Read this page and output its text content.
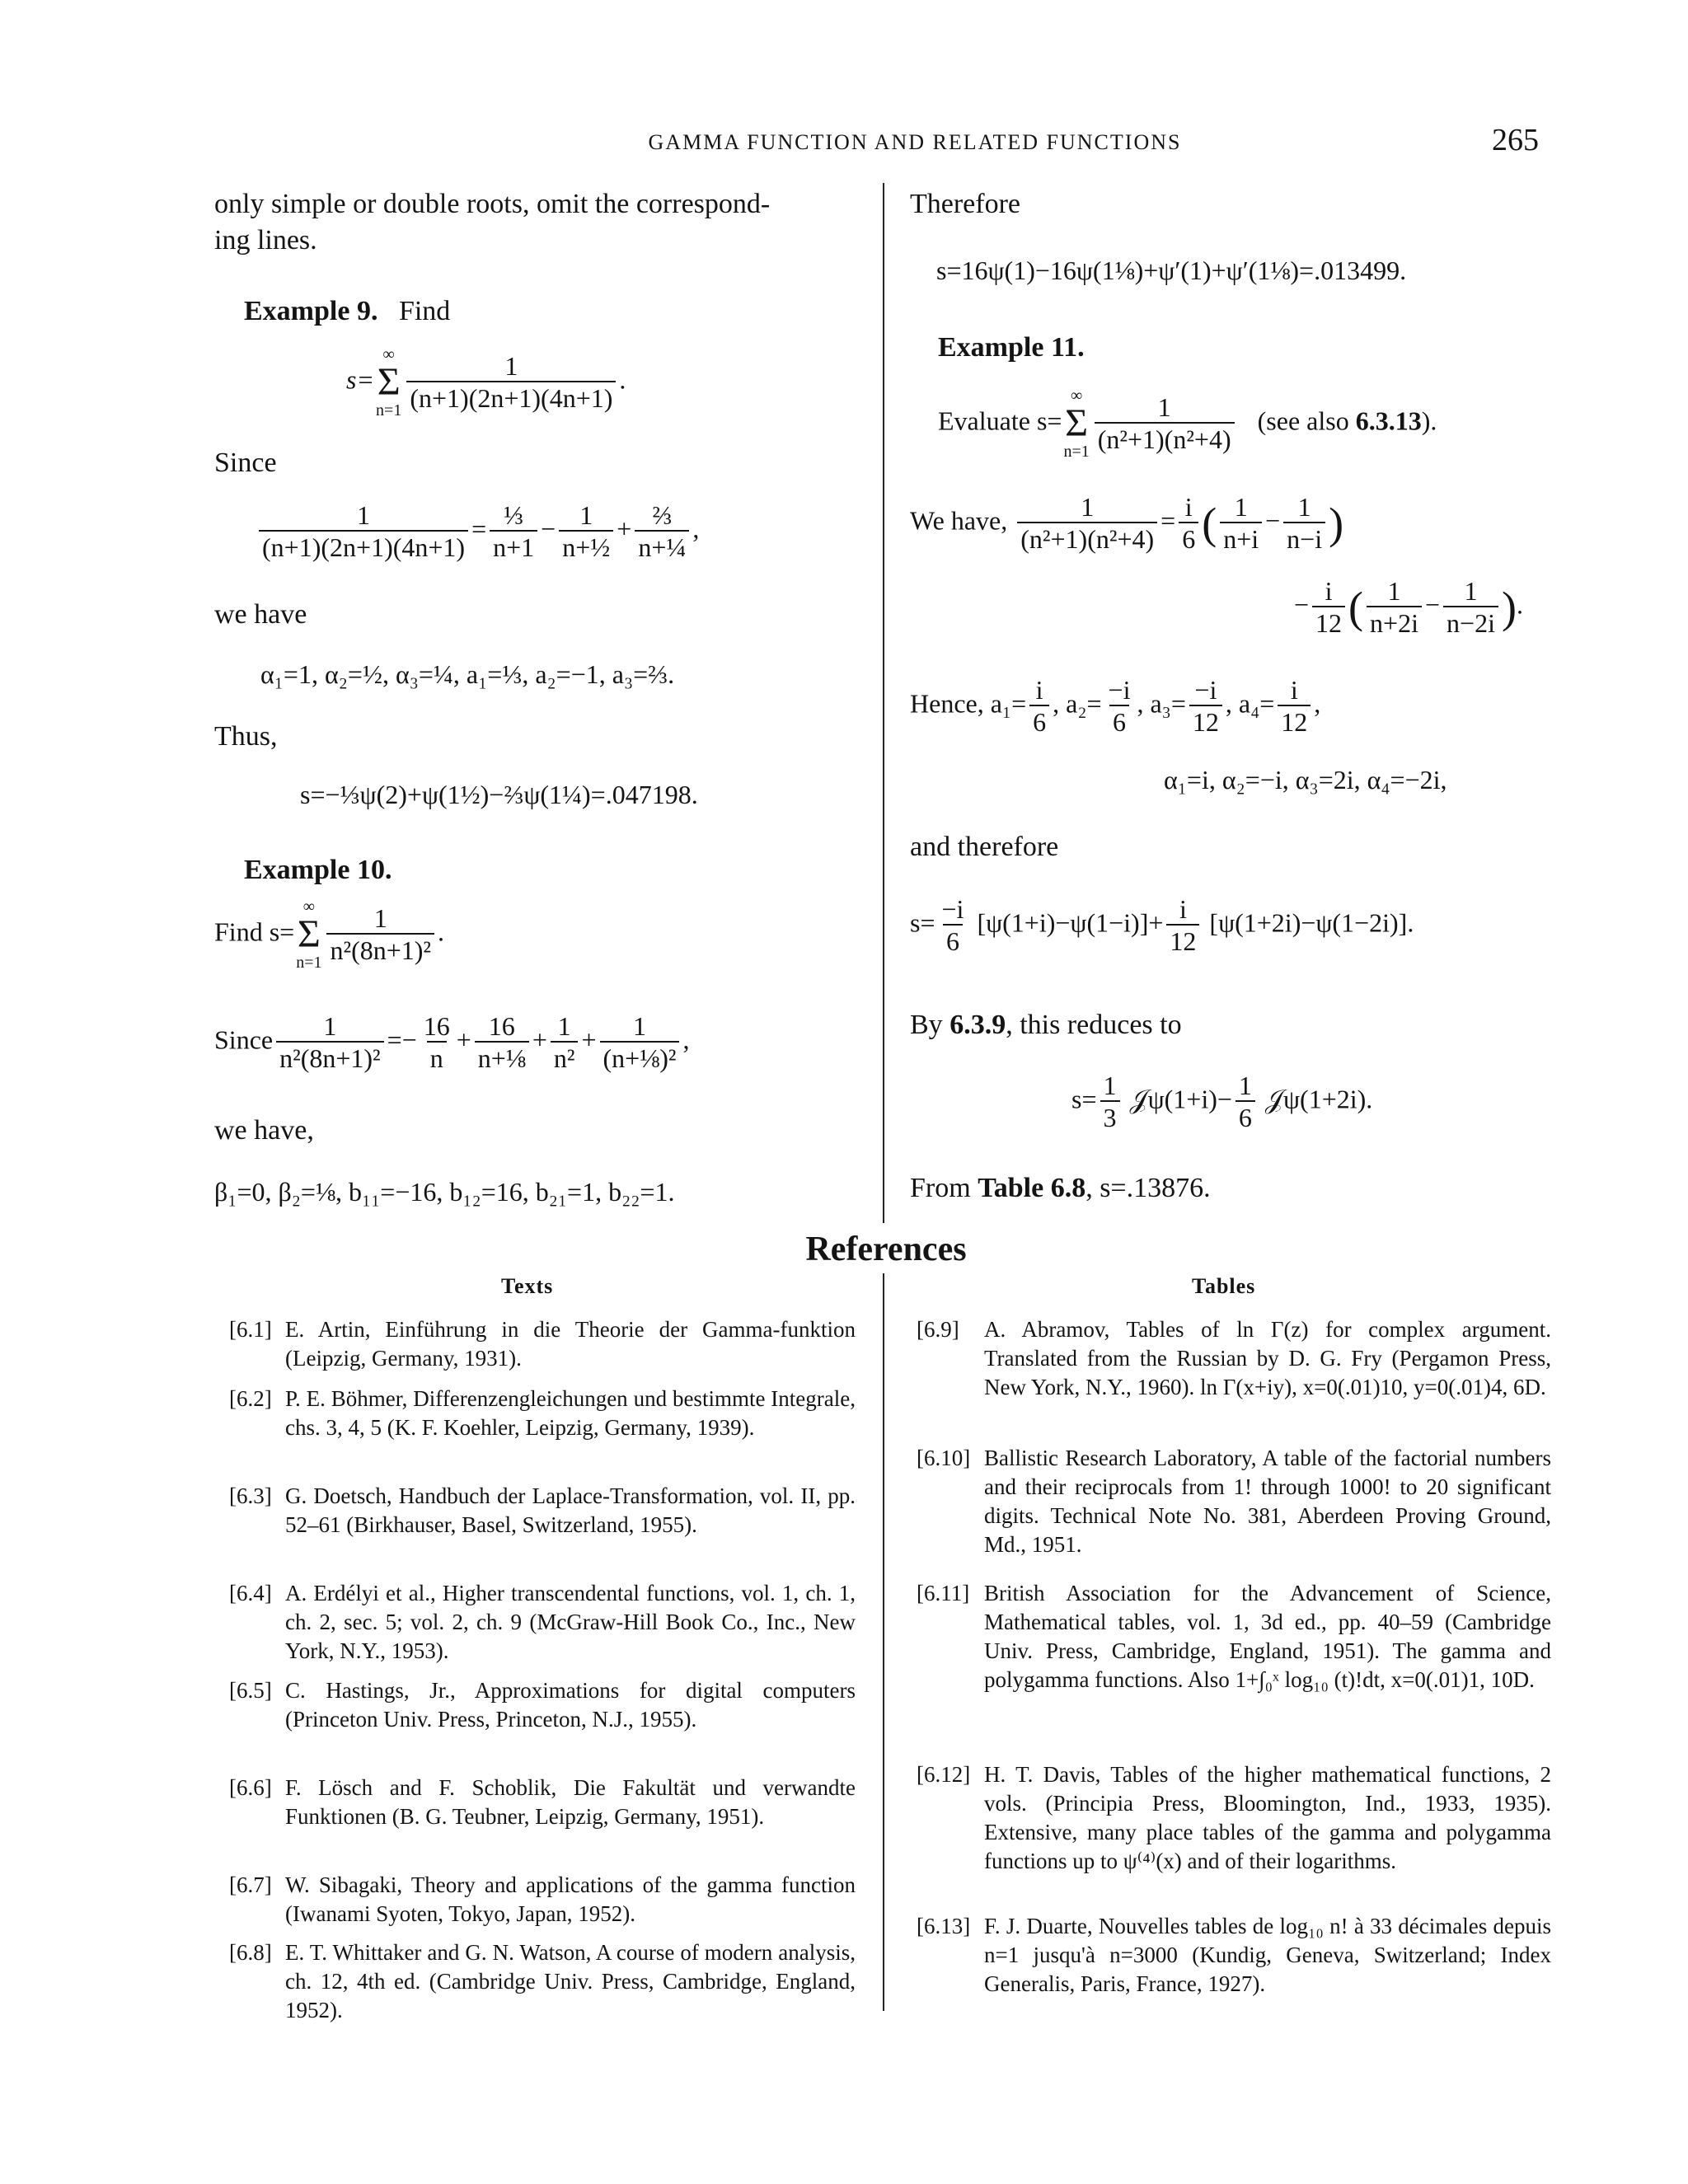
GAMMA FUNCTION AND RELATED FUNCTIONS	265
only simple or double roots, omit the correspond-
ing lines.
Example 9. Find
s=
∞
Σ
$n=1 \frac{1}{(n+1)(2n+1)(4n+1)}$ .
Since
$\frac{1}{(n+1)(2n+1)(4n+1)} = \frac{\text{⅓}}{n+1} - \frac{1}{\text{n+½}} + \frac{\text{⅔}}{\text{n+¼}}$ ,
we have
α₁=1, α₂=½, α₃=¼, a₁=⅓, a₂=−1, a₃=⅔.
Thus,
s=−⅓ψ(2)+ψ(1½)−⅔ψ(1¼)=.047198.
Example 10.
Find s=
∞
Σ
$n=1 \frac{1}{\text{n²(8n+1)²}}$ .
Since $\frac{1}{\text{n²(8n+1)²}} =- \frac{16}{n} + \frac{16}{\text{n+⅛}} + \frac{1}{\text{n²}} + \frac{1}{\text{(n+⅛)²}}$ ,
we have,
β₁=0, β₂=⅛, b₁₁=−16, b₁₂=16, b₂₁=1, b₂₂=1.
Therefore
s=16ψ(1)−16ψ(1⅛)+ψ′(1)+ψ′(1⅛)=.013499.
Example 11.
Evaluate s=
∞
Σ
$n=1 \frac{1}{\text{(n²+1)(n²+4)}} (see$ also 6.3.13).
We have, $\frac{1}{\text{(n²+1)(n²+4)}} = \frac{i}{6}$ ( $\frac{1}{n+i} - \frac{1}{n-i}$ )
− $\frac{i}{12}$ ( $\frac{1}{n+2i} - \frac{1}{n-2i}$ ).
Hence, $a_1= \frac{i}{6}$ , $a_2= \frac{-i}{6}$ , $a_3= \frac{-i}{12}$ , $a_4= \frac{i}{12}$ ,
α₁=i, α₂=−i, α₃=2i, α₄=−2i,
and therefore
$s= \frac{-i}{6} [\psi(1+i)-\psi(1-i)]+ \frac{i}{12} [\psi(1+2i)-\psi(1-2i)]$.
By 6.3.9, this reduces to
$s= \frac{1}{3}$ 𝒥ψ(1+i)− $\frac{1}{6}$ 𝒥ψ(1+2i).
From Table 6.8, s=.13876.
References
Texts	Tables
[6.1] E. Artin, Einführung in die Theorie der Gamma-funktion (Leipzig, Germany, 1931).
[6.2] P. E. Böhmer, Differenzengleichungen und bestimmte Integrale, chs. 3, 4, 5 (K. F. Koehler, Leipzig, Germany, 1939).
[6.3] G. Doetsch, Handbuch der Laplace-Transformation, vol. II, pp. 52–61 (Birkhauser, Basel, Switzerland, 1955).
[6.4] A. Erdélyi et al., Higher transcendental functions, vol. 1, ch. 1, ch. 2, sec. 5; vol. 2, ch. 9 (McGraw-Hill Book Co., Inc., New York, N.Y., 1953).
[6.5] C. Hastings, Jr., Approximations for digital computers (Princeton Univ. Press, Princeton, N.J., 1955).
[6.6] F. Lösch and F. Schoblik, Die Fakultät und verwandte Funktionen (B. G. Teubner, Leipzig, Germany, 1951).
[6.7] W. Sibagaki, Theory and applications of the gamma function (Iwanami Syoten, Tokyo, Japan, 1952).
[6.8] E. T. Whittaker and G. N. Watson, A course of modern analysis, ch. 12, 4th ed. (Cambridge Univ. Press, Cambridge, England, 1952).
[6.9] A. Abramov, Tables of ln Γ(z) for complex argument. Translated from the Russian by D. G. Fry (Pergamon Press, New York, N.Y., 1960). ln Γ(x+iy), x=0(.01)10, y=0(.01)4, 6D.
[6.10] Ballistic Research Laboratory, A table of the factorial numbers and their reciprocals from 1! through 1000! to 20 significant digits. Technical Note No. 381, Aberdeen Proving Ground, Md., 1951.
[6.11] British Association for the Advancement of Science, Mathematical tables, vol. 1, 3d ed., pp. 40–59 (Cambridge Univ. Press, Cambridge, England, 1951). The gamma and polygamma functions. Also 1+∫₀ˣ log₁₀ (t)!dt, x=0(.01)1, 10D.
[6.12] H. T. Davis, Tables of the higher mathematical functions, 2 vols. (Principia Press, Bloomington, Ind., 1933, 1935). Extensive, many place tables of the gamma and polygamma functions up to ψ⁽⁴⁾(x) and of their logarithms.
[6.13] F. J. Duarte, Nouvelles tables de log₁₀ n! à 33 décimales depuis n=1 jusqu'à n=3000 (Kundig, Geneva, Switzerland; Index Generalis, Paris, France, 1927).
